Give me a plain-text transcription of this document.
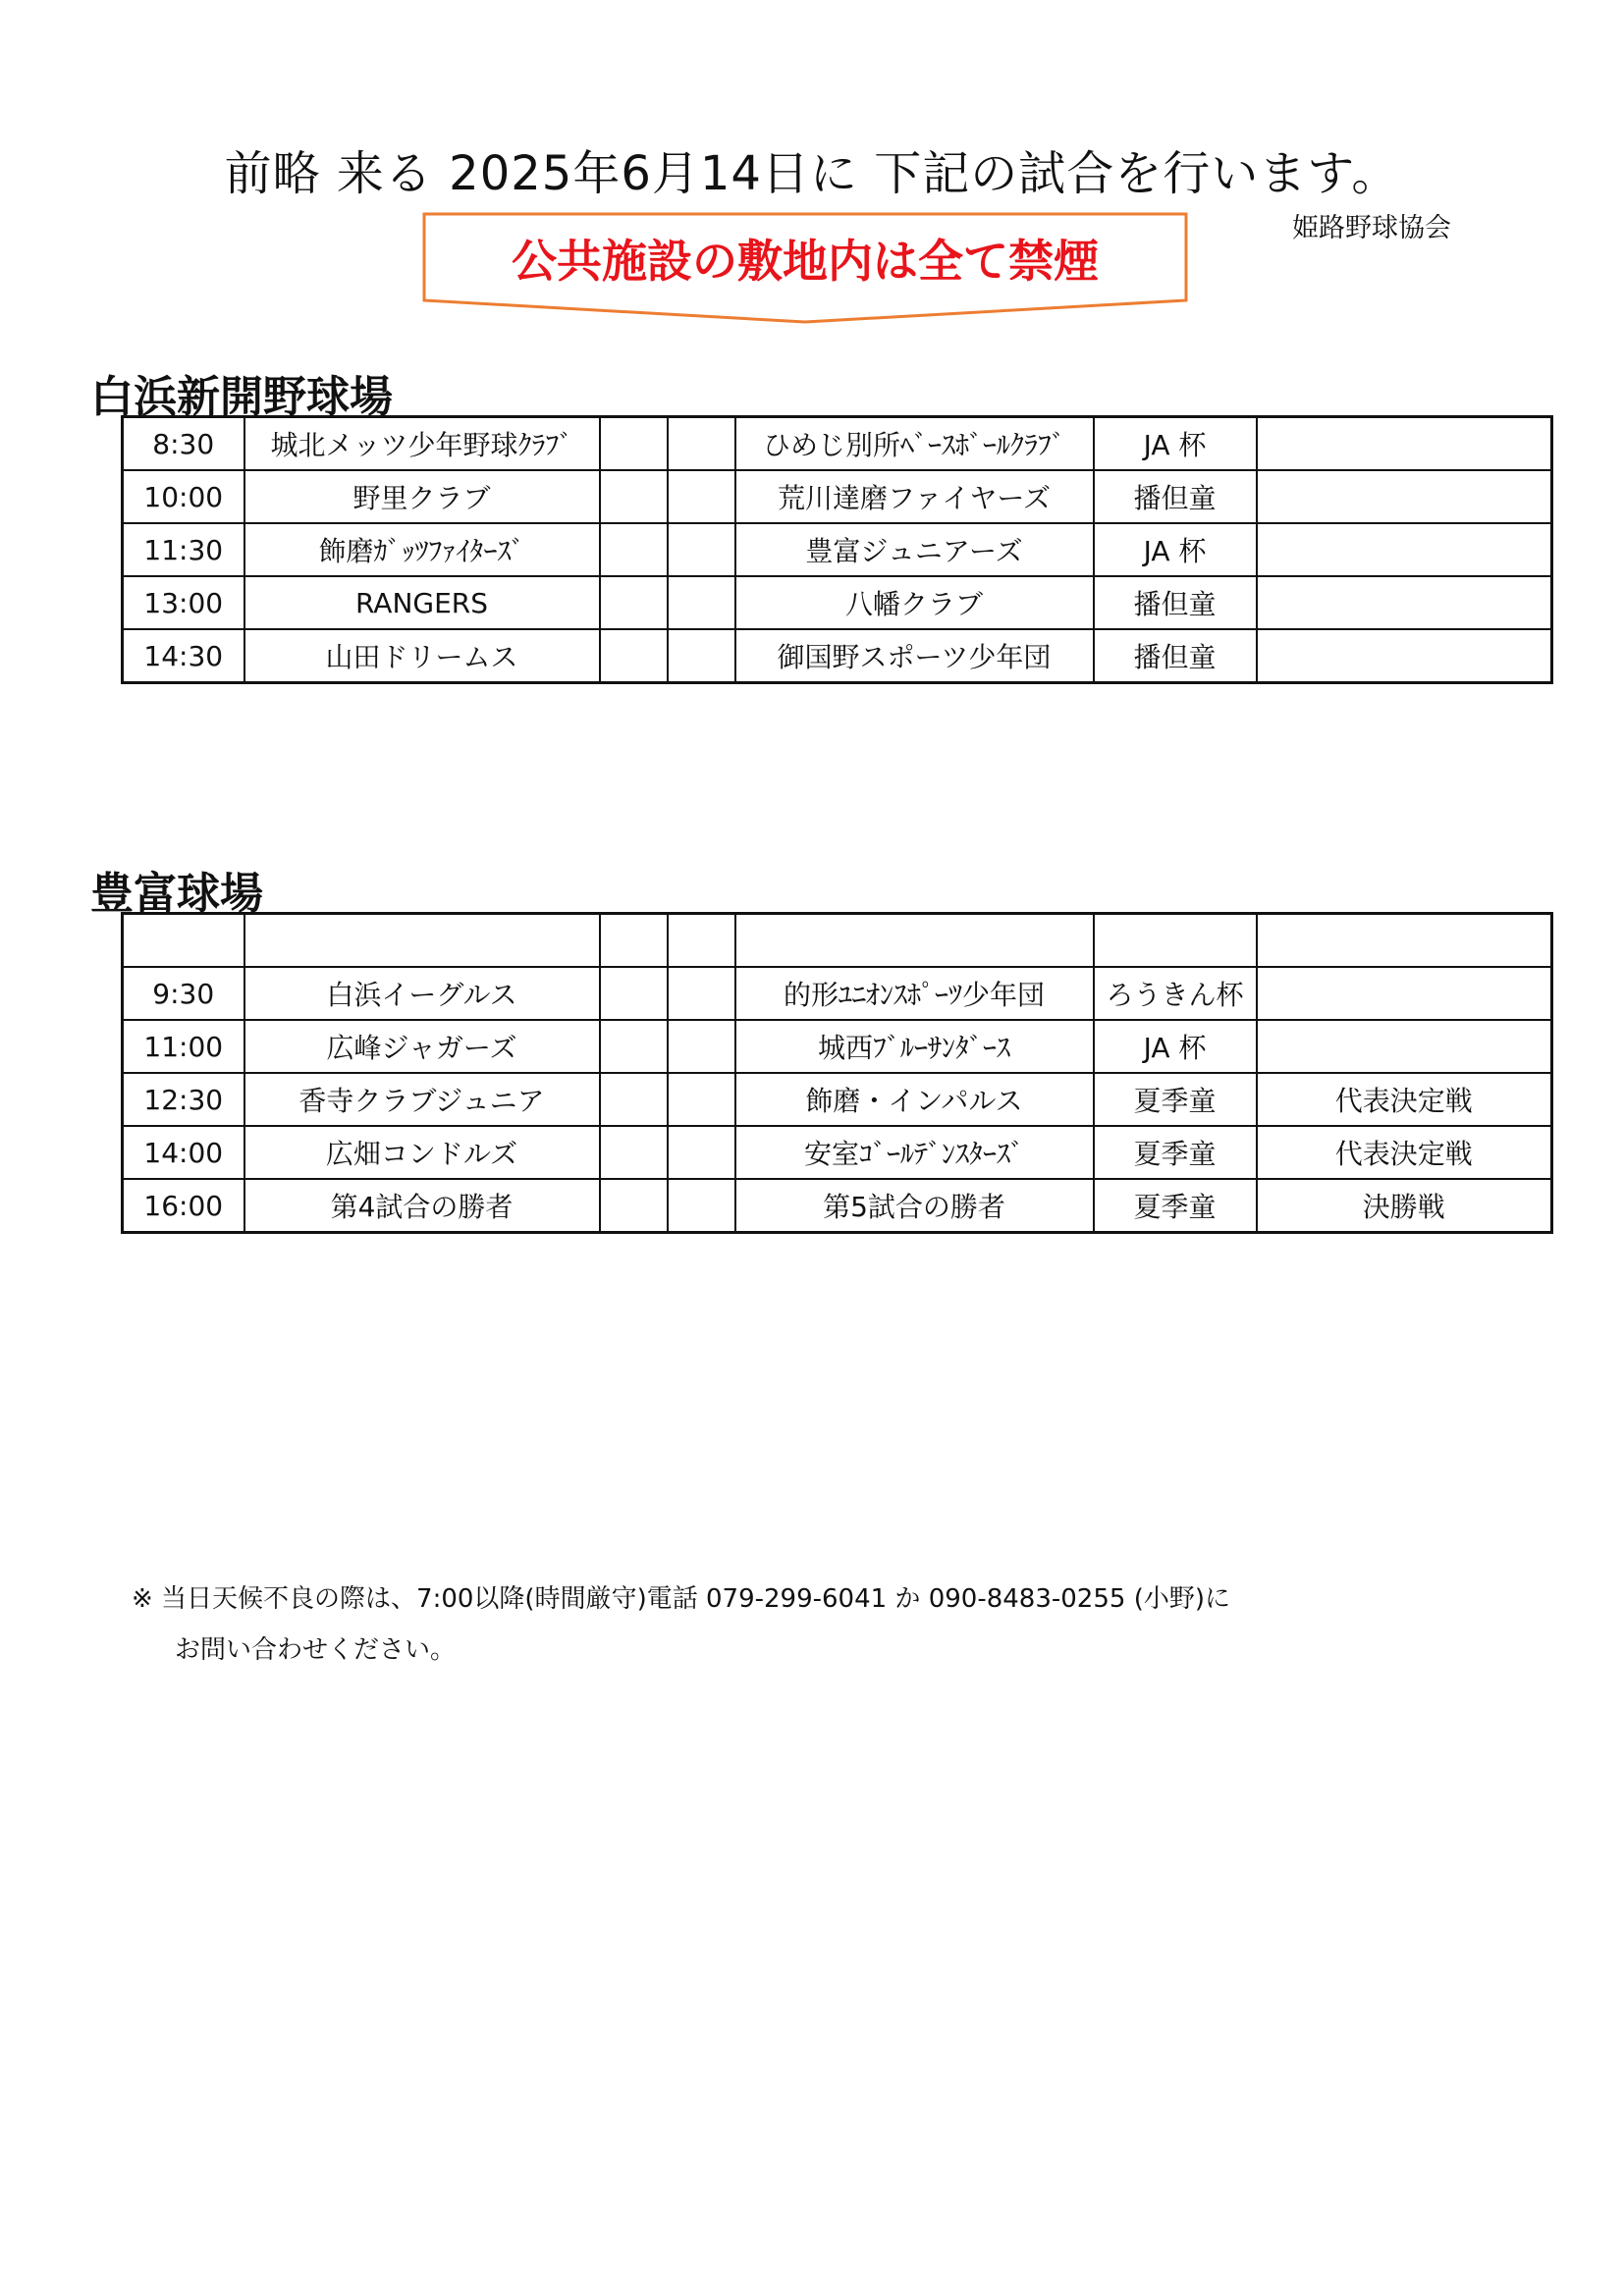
前略 来る 2025年6月14日に 下記の試合を行います。
姫路野球協会
公共施設の敷地内は全て禁煙
白浜新開野球場
8:30	城北メッツ少年野球ｸﾗﾌﾞ			ひめじ別所ﾍﾞｰｽﾎﾞｰﾙｸﾗﾌﾞ	JA 杯	
10:00	野里クラブ			荒川達磨ファイヤーズ	播但童	
11:30	飾磨ｶﾞｯﾂﾌｧｲﾀｰｽﾞ			豊富ジュニアーズ	JA 杯	
13:00	RANGERS			八幡クラブ	播但童	
14:30	山田ドリームス			御国野スポーツ少年団	播但童	
豊富球場

9:30	白浜イーグルス			的形ﾕﾆｵﾝｽﾎﾟｰﾂ少年団	ろうきん杯	
11:00	広峰ジャガーズ			城西ﾌﾞﾙｰｻﾝﾀﾞｰｽ	JA 杯	
12:30	香寺クラブジュニア			飾磨・インパルス	夏季童	代表決定戦
14:00	広畑コンドルズ			安室ｺﾞｰﾙﾃﾞﾝｽﾀｰｽﾞ	夏季童	代表決定戦
16:00	第4試合の勝者			第5試合の勝者	夏季童	決勝戦
※ 当日天候不良の際は、7:00以降(時間厳守)電話 079-299-6041 か 090-8483-0255 (小野)に
お問い合わせください。
